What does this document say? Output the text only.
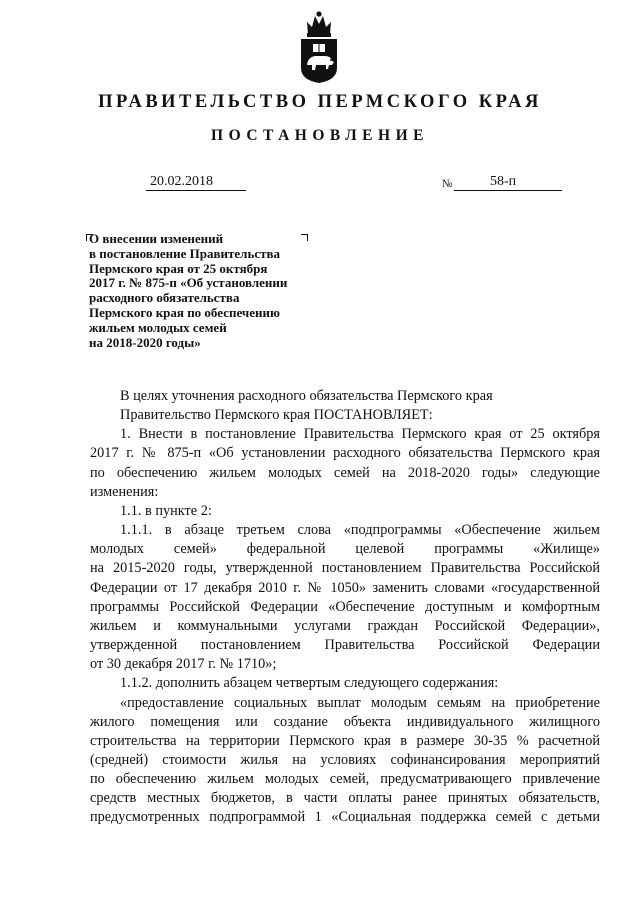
ПРАВИТЕЛЬСТВО ПЕРМСКОГО КРАЯ
ПОСТАНОВЛЕНИЕ
20.02.2018	№	58-п
О внесении изменений
в постановление Правительства
Пермского края от 25 октября
2017 г. № 875-п «Об установлении
расходного обязательства
Пермского края по обеспечению
жильем молодых семей
на 2018-2020 годы»
В целях уточнения расходного обязательства Пермского края
Правительство Пермского края ПОСТАНОВЛЯЕТ:
1. Внести в постановление Правительства Пермского края от 25 октября
2017 г. № 875-п «Об установлении расходного обязательства Пермского края
по обеспечению жильем молодых семей на 2018-2020 годы» следующие
изменения:
1.1. в пункте 2:
1.1.1. в абзаце третьем слова «подпрограммы «Обеспечение жильем
молодых семей» федеральной целевой программы «Жилище»
на 2015-2020 годы, утвержденной постановлением Правительства Российской
Федерации от 17 декабря 2010 г. № 1050» заменить словами «государственной
программы Российской Федерации «Обеспечение доступным и комфортным
жильем и коммунальными услугами граждан Российской Федерации»,
утвержденной постановлением Правительства Российской Федерации
от 30 декабря 2017 г. № 1710»;
1.1.2. дополнить абзацем четвертым следующего содержания:
«предоставление социальных выплат молодым семьям на приобретение
жилого помещения или создание объекта индивидуального жилищного
строительства на территории Пермского края в размере 30-35 % расчетной
(средней) стоимости жилья на условиях софинансирования мероприятий
по обеспечению жильем молодых семей, предусматривающего привлечение
средств местных бюджетов, в части оплаты ранее принятых обязательств,
предусмотренных подпрограммой 1 «Социальная поддержка семей с детьми
